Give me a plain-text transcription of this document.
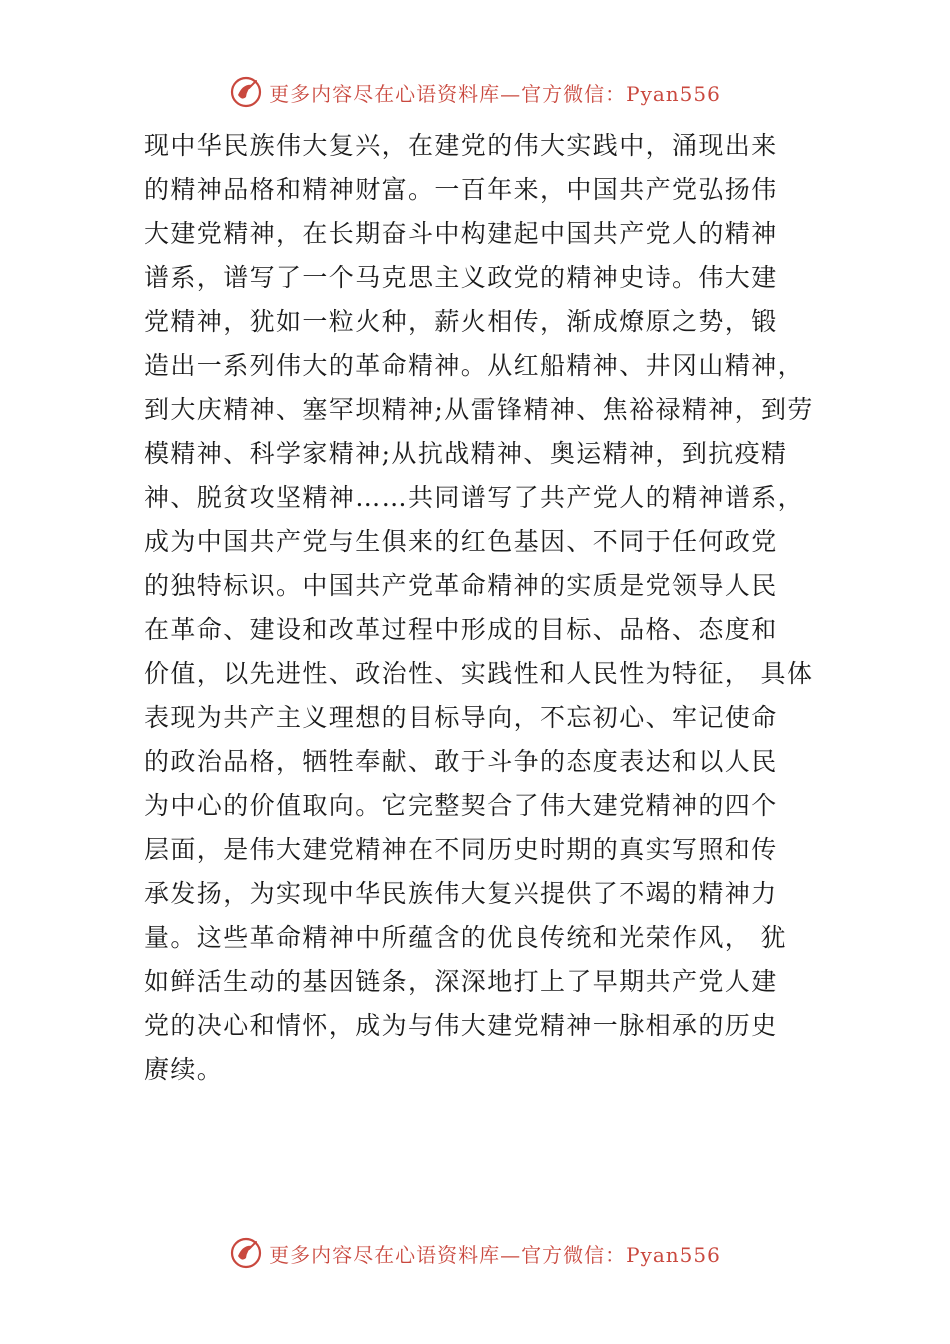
更多内容尽在心语资料库—官方微信：Pyan556
现中华民族伟大复兴，在建党的伟大实践中，涌现出来
的精神品格和精神财富。一百年来，中国共产党弘扬伟
大建党精神，在长期奋斗中构建起中国共产党人的精神
谱系，谱写了一个马克思主义政党的精神史诗。伟大建
党精神，犹如一粒火种，薪火相传，渐成燎原之势，锻
造出一系列伟大的革命精神。从红船精神、井冈山精神，
到大庆精神、塞罕坝精神;从雷锋精神、焦裕禄精神，到劳
模精神、科学家精神;从抗战精神、奥运精神，到抗疫精
神、脱贫攻坚精神……共同谱写了共产党人的精神谱系，
成为中国共产党与生俱来的红色基因、不同于任何政党
的独特标识。中国共产党革命精神的实质是党领导人民
在革命、建设和改革过程中形成的目标、品格、态度和
价值，以先进性、政治性、实践性和人民性为特征， 具体
表现为共产主义理想的目标导向，不忘初心、牢记使命
的政治品格，牺牲奉献、敢于斗争的态度表达和以人民
为中心的价值取向。它完整契合了伟大建党精神的四个
层面，是伟大建党精神在不同历史时期的真实写照和传
承发扬，为实现中华民族伟大复兴提供了不竭的精神力
量。这些革命精神中所蕴含的优良传统和光荣作风， 犹
如鲜活生动的基因链条，深深地打上了早期共产党人建
党的决心和情怀，成为与伟大建党精神一脉相承的历史
赓续。
更多内容尽在心语资料库—官方微信：Pyan556
